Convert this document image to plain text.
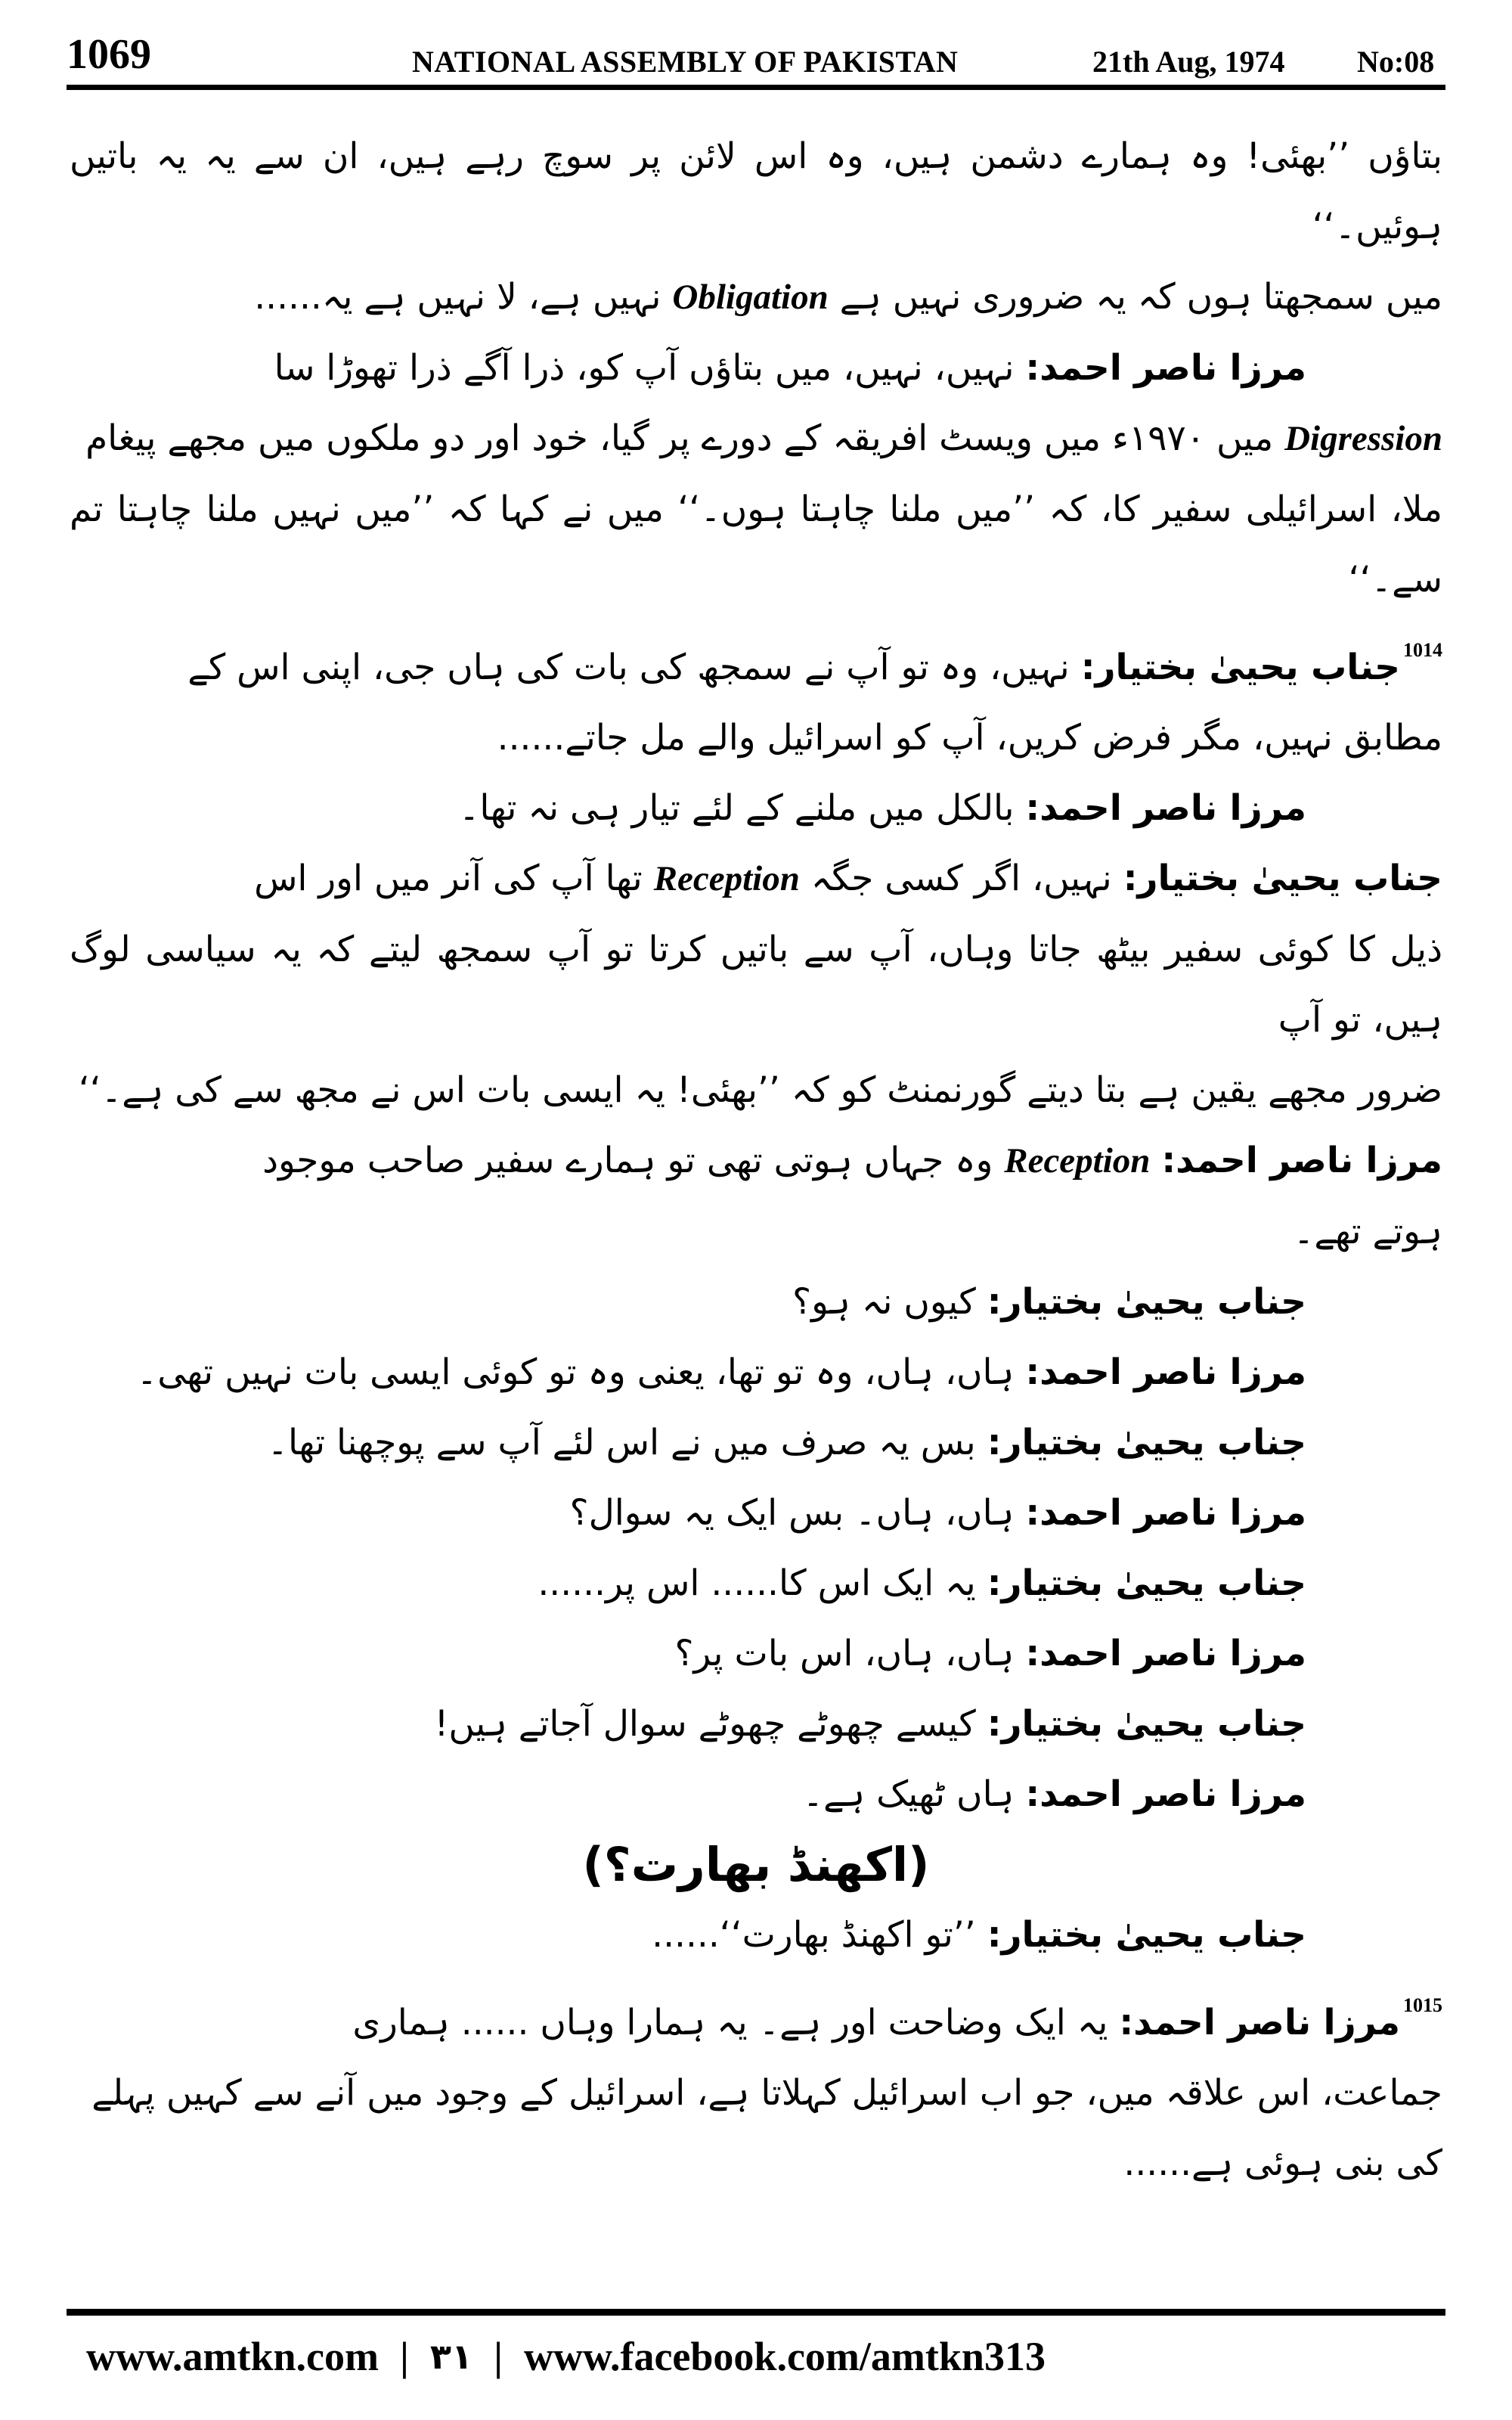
1069	NATIONAL ASSEMBLY OF PAKISTAN	21th Aug, 1974 No:08

بتاؤں ’’بھئی! وہ ہمارے دشمن ہیں، وہ اس لائن پر سوچ رہے ہیں، ان سے یہ یہ باتیں ہوئیں۔‘‘

میں سمجھتا ہوں کہ یہ ضروری نہیں ہے Obligation نہیں ہے، لا نہیں ہے یہ......

مرزا ناصر احمد: نہیں، نہیں، میں بتاؤں آپ کو، ذرا آگے ذرا تھوڑا سا

Digression میں ۱۹۷۰ء میں ویسٹ افریقہ کے دورے پر گیا، خود اور دو ملکوں میں مجھے پیغام

ملا، اسرائیلی سفیر کا، کہ ’’میں ملنا چاہتا ہوں۔‘‘ میں نے کہا کہ ’’میں نہیں ملنا چاہتا تم سے۔‘‘

$^{1014}$جناب یحییٰ بختیار: نہیں، وہ تو آپ نے سمجھ کی بات کی ہاں جی، اپنی اس کے

مطابق نہیں، مگر فرض کریں، آپ کو اسرائیل والے مل جاتے......

مرزا ناصر احمد: بالکل میں ملنے کے لئے تیار ہی نہ تھا۔

جناب یحییٰ بختیار: نہیں، اگر کسی جگہ Reception تھا آپ کی آنر میں اور اس

ذیل کا کوئی سفیر بیٹھ جاتا وہاں، آپ سے باتیں کرتا تو آپ سمجھ لیتے کہ یہ سیاسی لوگ ہیں، تو آپ

ضرور مجھے یقین ہے بتا دیتے گورنمنٹ کو کہ ’’بھئی! یہ ایسی بات اس نے مجھ سے کی ہے۔‘‘

مرزا ناصر احمد: Reception وہ جہاں ہوتی تھی تو ہمارے سفیر صاحب موجود

ہوتے تھے۔

جناب یحییٰ بختیار: کیوں نہ ہو؟

مرزا ناصر احمد: ہاں، ہاں، وہ تو تھا، یعنی وہ تو کوئی ایسی بات نہیں تھی۔

جناب یحییٰ بختیار: بس یہ صرف میں نے اس لئے آپ سے پوچھنا تھا۔

مرزا ناصر احمد: ہاں، ہاں۔ بس ایک یہ سوال؟

جناب یحییٰ بختیار: یہ ایک اس کا...... اس پر......

مرزا ناصر احمد: ہاں، ہاں، اس بات پر؟

جناب یحییٰ بختیار: کیسے چھوٹے چھوٹے سوال آجاتے ہیں!

مرزا ناصر احمد: ہاں ٹھیک ہے۔

(اکھنڈ بھارت؟)

جناب یحییٰ بختیار: ’’تو اکھنڈ بھارت‘‘......

$^{1015}$مرزا ناصر احمد: یہ ایک وضاحت اور ہے۔ یہ ہمارا وہاں ...... ہماری

جماعت، اس علاقہ میں، جو اب اسرائیل کہلاتا ہے، اسرائیل کے وجود میں آنے سے کہیں پہلے

کی بنی ہوئی ہے......

www.amtkn.com | ۳۱ | www.facebook.com/amtkn313
